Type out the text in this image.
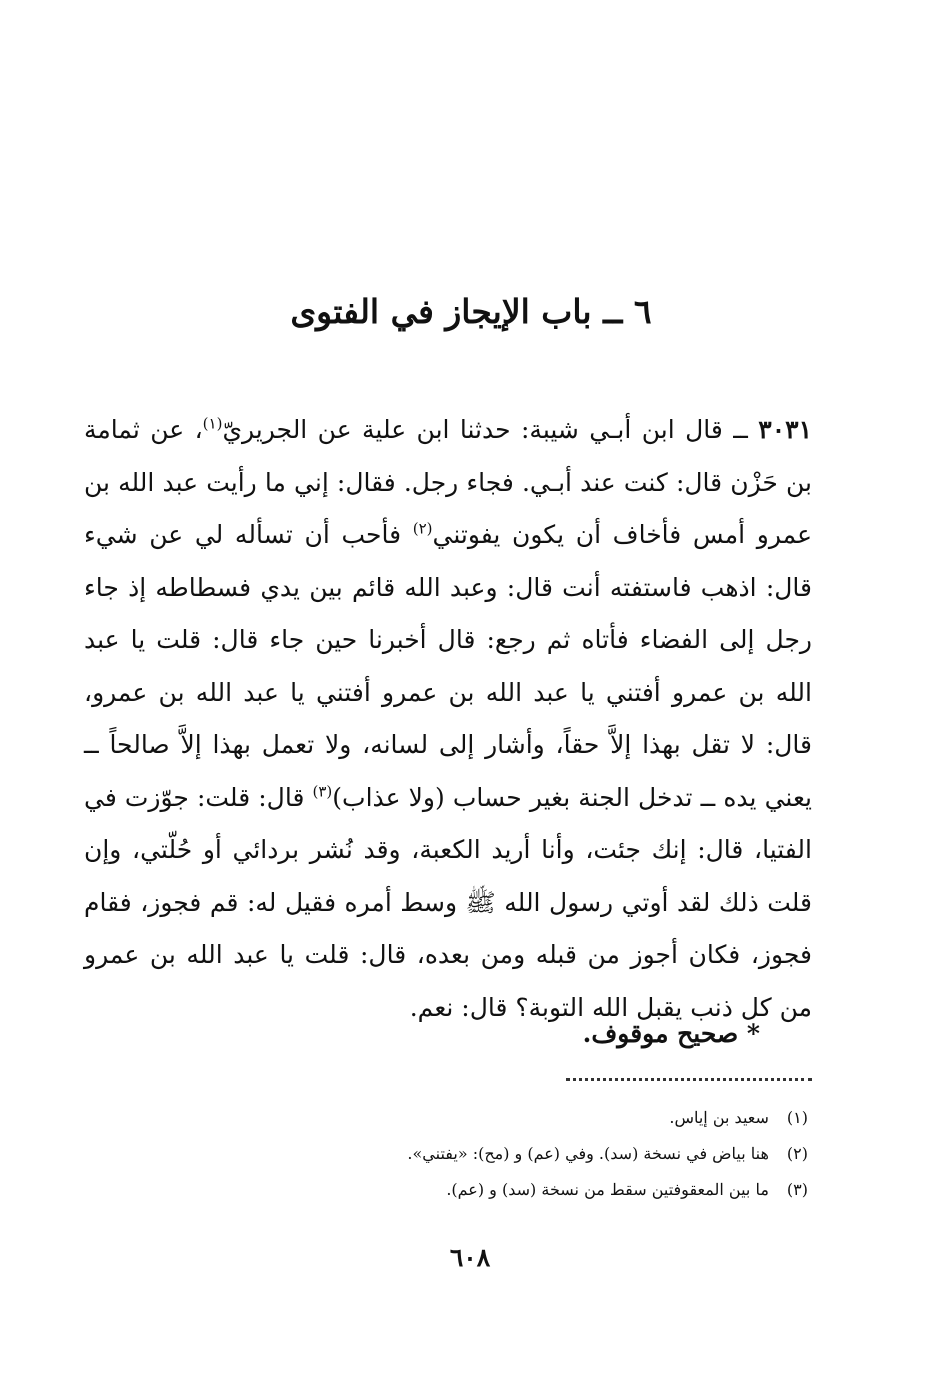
٦ ــ باب الإيجاز في الفتوى

٣٠٣١ ــ قال ابن أبـي شيبة: حدثنا ابن علية عن الجريريّ$^{(١)}$، عن ثمامة بن حَزْن قال: كنت عند أبـي. فجاء رجل. فقال: إني ما رأيت عبد الله بن عمرو أمس فأخاف أن يكون يفوتني$^{(٢)}$ فأحب أن تسأله لي عن شيء قال: اذهب فاستفته أنت قال: وعبد الله قائم بين يدي فسطاطه إذ جاء رجل إلى الفضاء فأتاه ثم رجع: قال أخبرنا حين جاء قال: قلت يا عبد الله بن عمرو أفتني يا عبد الله بن عمرو أفتني يا عبد الله بن عمرو، قال: لا تقل بهذا إلاَّ حقاً، وأشار إلى لسانه، ولا تعمل بهذا إلاَّ صالحاً ــ يعني يده ــ تدخل الجنة بغير حساب (ولا عذاب)$^{(٣)}$ قال: قلت: جوّزت في الفتيا، قال: إنك جئت، وأنا أريد الكعبة، وقد نُشر بردائي أو حُلّتي، وإن قلت ذلك لقد أوتي رسول الله ﷺ وسط أمره فقيل له: قم فجوز، فقام فجوز، فكان أجوز من قبله ومن بعده، قال: قلت يا عبد الله بن عمرو من كل ذنب يقبل الله التوبة؟ قال: نعم.

* صحيح موقوف.
(١) سعيد بن إياس.
(٢) هنا بياض في نسخة (سد). وفي (عم) و (مح): «يفتني».
(٣) ما بين المعقوفتين سقط من نسخة (سد) و (عم).
٦٠٨
